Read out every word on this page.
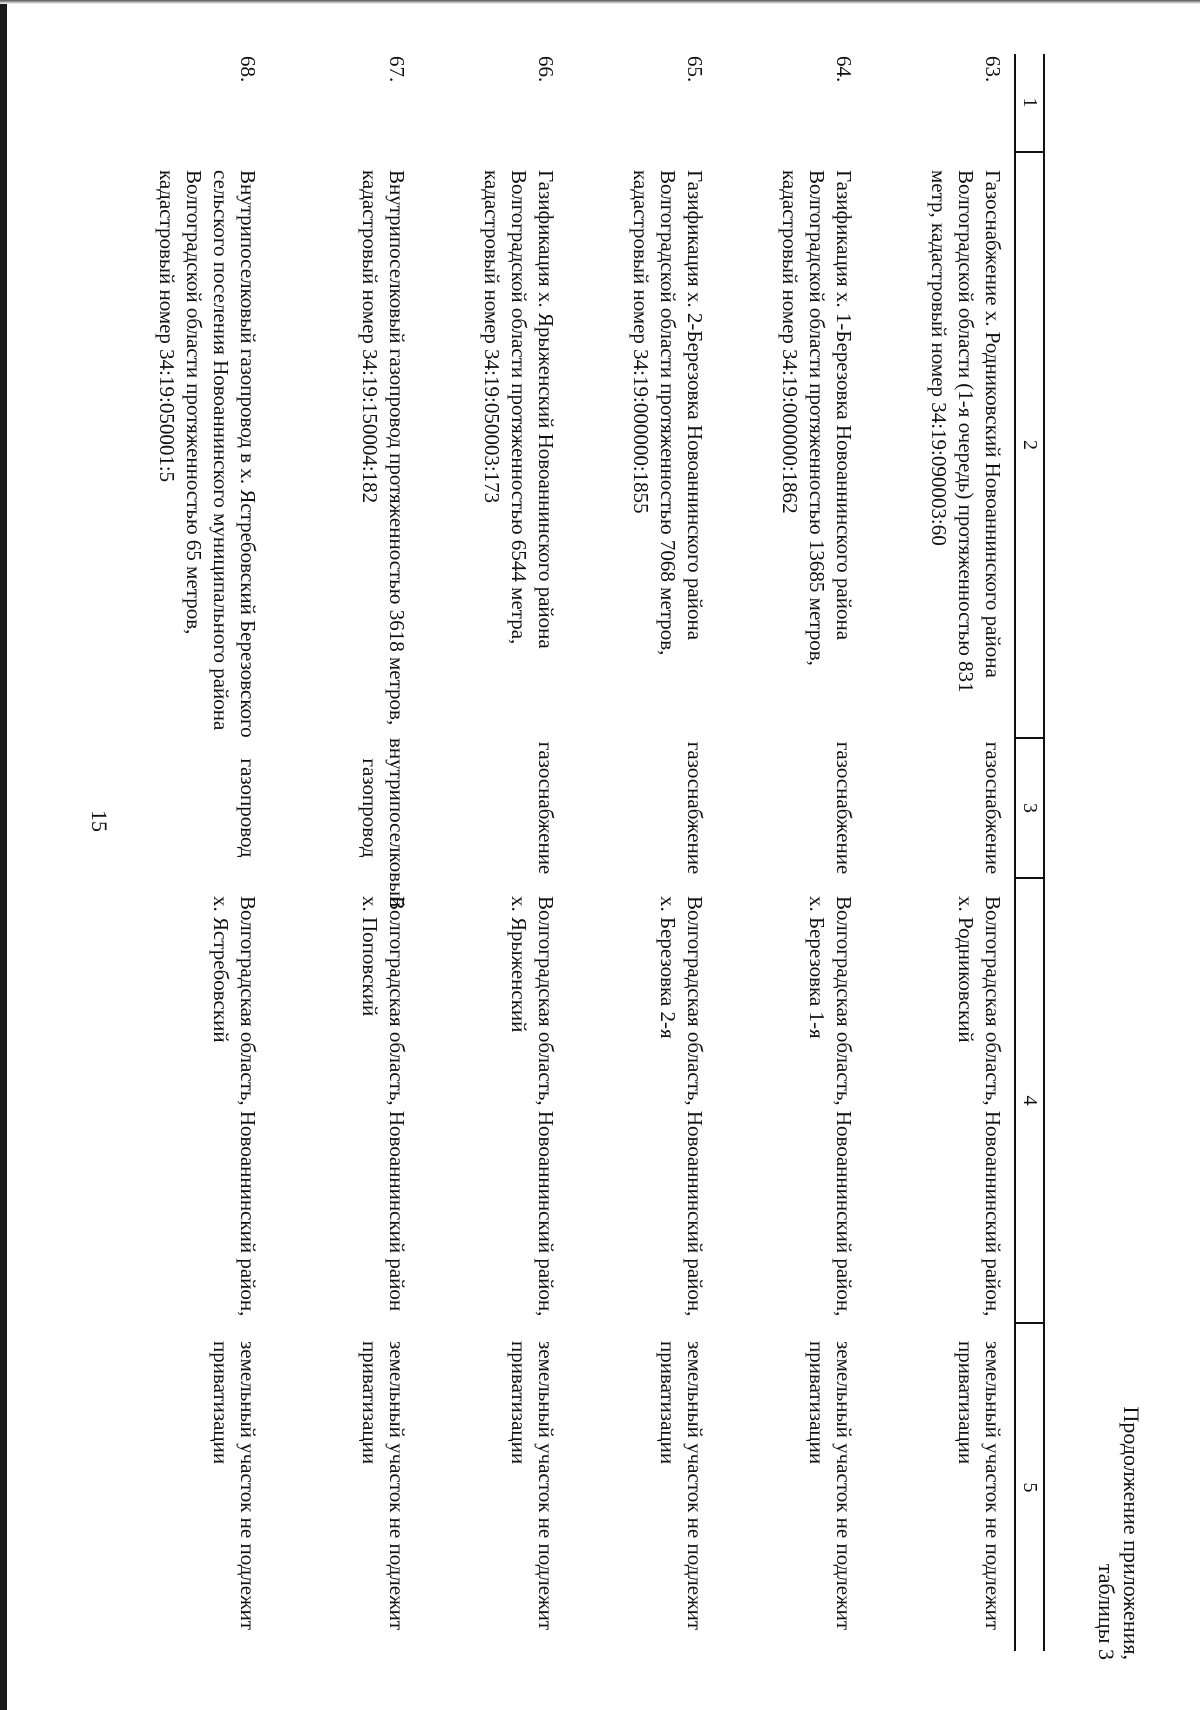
Продолжение приложения,
таблицы 3
1	2	3	4	5
63.	Газоснабжение х. Родниковский Новоаннинского района Волгоградской области (1-я очередь) протяженностью 831 метр, кадастровый номер 34:19:090003:60	газоснабжение	Волгоградская область, Новоаннинский район, х. Родниковский	земельный участок не подлежит приватизации
64.	Газификация х. 1-Березовка Новоаннинского района Волгоградской области протяженностью 13685 метров, кадастровый номер 34:19:000000:1862	газоснабжение	Волгоградская область, Новоаннинский район, х. Березовка 1-я	земельный участок не подлежит приватизации
65.	Газификация х. 2-Березовка Новоаннинского района Волгоградской области протяженностью 7068 метров, кадастровый номер 34:19:000000:1855	газоснабжение	Волгоградская область, Новоаннинский район, х. Березовка 2-я	земельный участок не подлежит приватизации
66.	Газификация х. Ярыженский Новоаннинского района Волгоградской области протяженностью 6544 метра, кадастровый номер 34:19:050003:173	газоснабжение	Волгоградская область, Новоаннинский район, х. Ярыженский	земельный участок не подлежит приватизации
67.	Внутрипоселковый газопровод протяженностью 3618 метров, кадастровый номер 34:19:150004:182	внутрипоселковый газопровод	Волгоградская область, Новоаннинский район х. Поповский	земельный участок не подлежит приватизации
68.	Внутрипоселковый газопровод в х. Ястребовский Березовского сельского поселения Новоаннинского муниципального района Волгоградской области протяженностью 65 метров, кадастровый номер 34:19:050001:5	газопровод	Волгоградская область, Новоаннинский район, х. Ястребовский	земельный участок не подлежит приватизации
15
